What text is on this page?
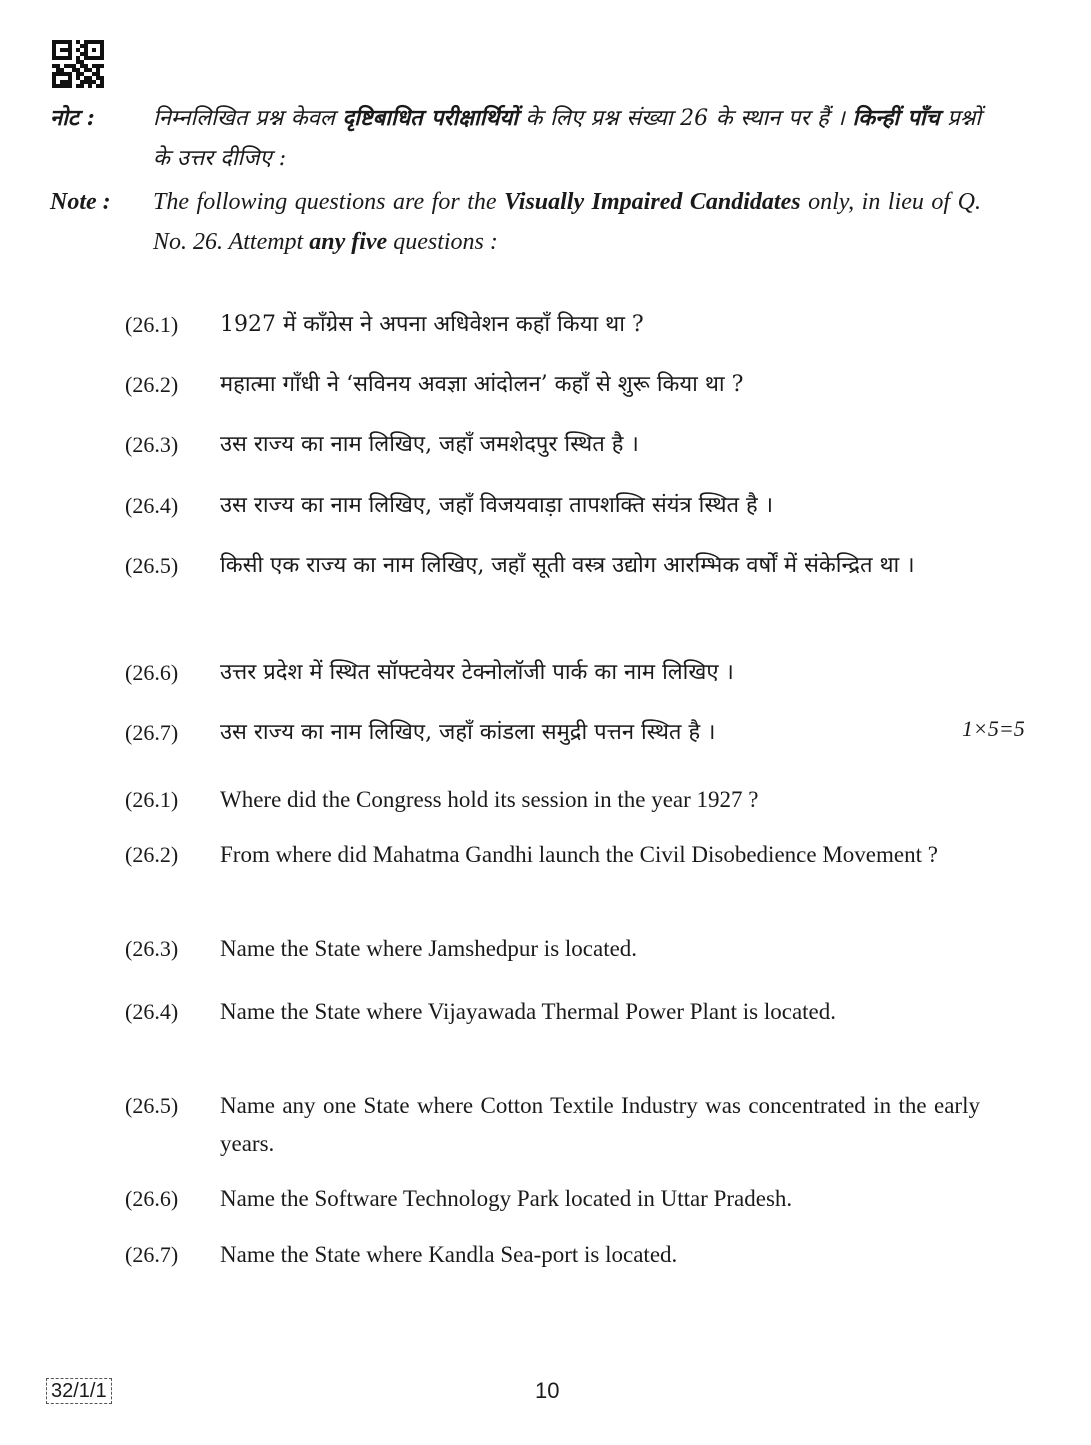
नोट :	निम्नलिखित प्रश्न केवल दृष्टिबाधित परीक्षार्थियों के लिए प्रश्न संख्या 26 के स्थान पर हैं । किन्हीं पाँच प्रश्नों के उत्तर दीजिए :
Note : The following questions are for the Visually Impaired Candidates only, in lieu of Q. No. 26. Attempt any five questions :
(26.1) 1927 में काँग्रेस ने अपना अधिवेशन कहाँ किया था ?
(26.2) महात्मा गाँधी ने ‘सविनय अवज्ञा आंदोलन’ कहाँ से शुरू किया था ?
(26.3) उस राज्य का नाम लिखिए, जहाँ जमशेदपुर स्थित है ।
(26.4) उस राज्य का नाम लिखिए, जहाँ विजयवाड़ा तापशक्ति संयंत्र स्थित है ।
(26.5) किसी एक राज्य का नाम लिखिए, जहाँ सूती वस्त्र उद्योग आरम्भिक वर्षों में संकेन्द्रित था ।
(26.6) उत्तर प्रदेश में स्थित सॉफ्टवेयर टेक्नोलॉजी पार्क का नाम लिखिए ।
(26.7) उस राज्य का नाम लिखिए, जहाँ कांडला समुद्री पत्तन स्थित है ।	1×5=5
(26.1) Where did the Congress hold its session in the year 1927 ?
(26.2) From where did Mahatma Gandhi launch the Civil Disobedience Movement ?
(26.3) Name the State where Jamshedpur is located.
(26.4) Name the State where Vijayawada Thermal Power Plant is located.
(26.5) Name any one State where Cotton Textile Industry was concentrated in the early years.
(26.6) Name the Software Technology Park located in Uttar Pradesh.
(26.7) Name the State where Kandla Sea-port is located.
32/1/1	10
